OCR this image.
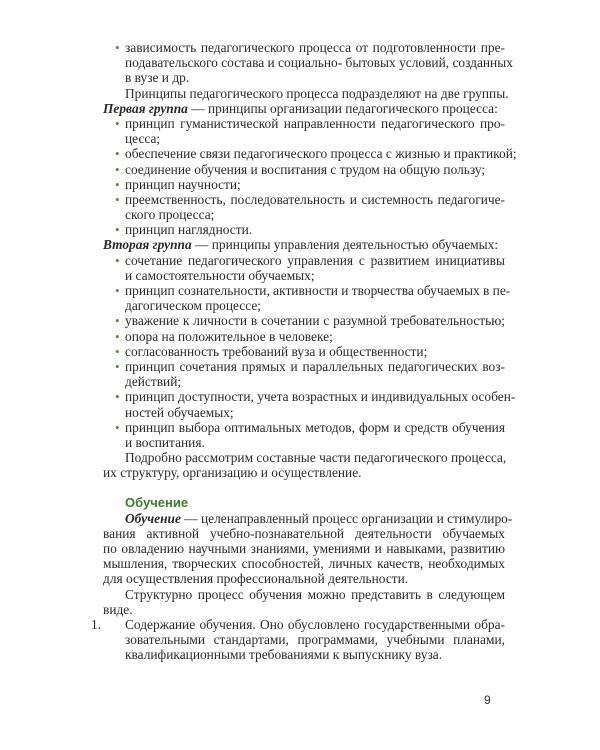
• зависимость педагогического процесса от подготовленности пре-
подавательского состава и социально- бытовых условий, созданных
в вузе и др.
Принципы педагогического процесса подразделяют на две группы.
Первая группа — принципы организации педагогического процесса:
• принцип гуманистической направленности педагогического про-
цесса;
• обеспечение связи педагогического процесса с жизнью и практикой;
• соединение обучения и воспитания с трудом на общую пользу;
• принцип научности;
• преемственность, последовательность и системность педагогиче-
ского процесса;
• принцип наглядности.
Вторая группа — принципы управления деятельностью обучаемых:
• сочетание педагогического управления с развитием инициативы
и самостоятельности обучаемых;
• принцип сознательности, активности и творчества обучаемых в пе-
дагогическом процессе;
• уважение к личности в сочетании с разумной требовательностью;
• опора на положительное в человеке;
• согласованность требований вуза и общественности;
• принцип сочетания прямых и параллельных педагогических воз-
действий;
• принцип доступности, учета возрастных и индивидуальных особен-
ностей обучаемых;
• принцип выбора оптимальных методов, форм и средств обучения
и воспитания.
Подробно рассмотрим составные части педагогического процесса,
их структуру, организацию и осуществление.
Обучение
Обучение — целенаправленный процесс организации и стимулиро-
вания активной учебно-познавательной деятельности обучаемых
по овладению научными знаниями, умениями и навыками, развитию
мышления, творческих способностей, личных качеств, необходимых
для осуществления профессиональной деятельности.
Структурно процесс обучения можно представить в следующем
виде.
1. Содержание обучения. Оно обусловлено государственными обра-
зовательными стандартами, программами, учебными планами,
квалификационными требованиями к выпускнику вуза.
9
